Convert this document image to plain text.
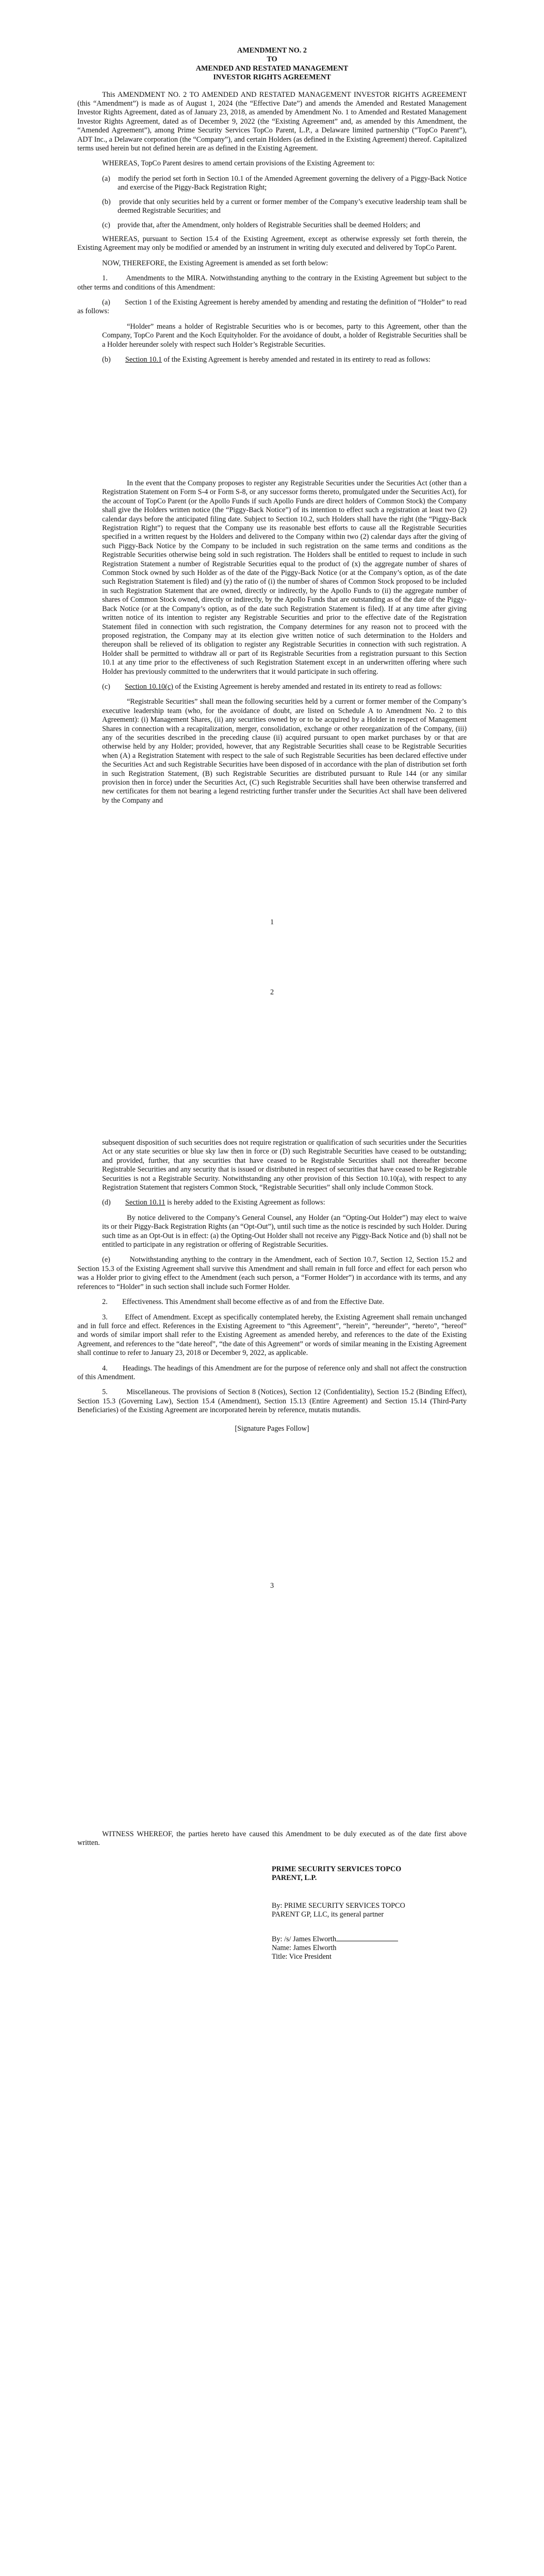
AMENDMENT NO. 2
TO
AMENDED AND RESTATED MANAGEMENT
INVESTOR RIGHTS AGREEMENT

This AMENDMENT NO. 2 TO AMENDED AND RESTATED MANAGEMENT INVESTOR RIGHTS AGREEMENT (this “Amendment”) is made as of August 1, 2024 (the “Effective Date”) and amends the Amended and Restated Management Investor Rights Agreement, dated as of January 23, 2018, as amended by Amendment No. 1 to Amended and Restated Management Investor Rights Agreement, dated as of December 9, 2022 (the “Existing Agreement” and, as amended by this Amendment, the “Amended Agreement”), among Prime Security Services TopCo Parent, L.P., a Delaware limited partnership (“TopCo Parent”), ADT Inc., a Delaware corporation (the “Company”), and certain Holders (as defined in the Existing Agreement) thereof. Capitalized terms used herein but not defined herein are as defined in the Existing Agreement.

WHEREAS, TopCo Parent desires to amend certain provisions of the Existing Agreement to:

(a)    modify the period set forth in Section 10.1 of the Amended Agreement governing the delivery of a Piggy-Back Notice and exercise of the Piggy-Back Registration Right;

(b)    provide that only securities held by a current or former member of the Company’s executive leadership team shall be deemed Registrable Securities; and

(c)    provide that, after the Amendment, only holders of Registrable Securities shall be deemed Holders; and

WHEREAS, pursuant to Section 15.4 of the Existing Agreement, except as otherwise expressly set forth therein, the Existing Agreement may only be modified or amended by an instrument in writing duly executed and delivered by TopCo Parent.

NOW, THEREFORE, the Existing Agreement is amended as set forth below:

1.        Amendments to the MIRA. Notwithstanding anything to the contrary in the Existing Agreement but subject to the other terms and conditions of this Amendment:

(a)        Section 1 of the Existing Agreement is hereby amended by amending and restating the definition of “Holder” to read as follows:

“Holder” means a holder of Registrable Securities who is or becomes, party to this Agreement, other than the Company, TopCo Parent and the Koch Equityholder. For the avoidance of doubt, a holder of Registrable Securities shall be a Holder hereunder solely with respect such Holder’s Registrable Securities.

(b)        Section 10.1 of the Existing Agreement is hereby amended and restated in its entirety to read as follows:

In the event that the Company proposes to register any Registrable Securities under the Securities Act (other than a Registration Statement on Form S-4 or Form S-8, or any successor forms thereto, promulgated under the Securities Act), for the account of TopCo Parent (or the Apollo Funds if such Apollo Funds are direct holders of Common Stock) the Company shall give the Holders written notice (the “Piggy-Back Notice”) of its intention to effect such a registration at least two (2) calendar days before the anticipated filing date. Subject to Section 10.2, such Holders shall have the right (the “Piggy-Back Registration Right”) to request that the Company use its reasonable best efforts to cause all the Registrable Securities specified in a written request by the Holders and delivered to the Company within two (2) calendar days after the giving of such Piggy-Back Notice by the Company to be included in such registration on the same terms and conditions as the Registrable Securities otherwise being sold in such registration. The Holders shall be entitled to request to include in such Registration Statement a number of Registrable Securities equal to the product of (x) the aggregate number of shares of Common Stock owned by such Holder as of the date of the Piggy-Back Notice (or at the Company’s option, as of the date such Registration Statement is filed) and (y) the ratio of (i) the number of shares of Common Stock proposed to be included in such Registration Statement that are owned, directly or indirectly, by the Apollo Funds to (ii) the aggregate number of shares of Common Stock owned, directly or indirectly, by the Apollo Funds that are outstanding as of the date of the Piggy-Back Notice (or at the Company’s option, as of the date such Registration Statement is filed). If at any time after giving written notice of its intention to register any Registrable Securities and prior to the effective date of the Registration Statement filed in connection with such registration, the Company determines for any reason not to proceed with the proposed registration, the Company may at its election give written notice of such determination to the Holders and thereupon shall be relieved of its obligation to register any Registrable Securities in connection with such registration. A Holder shall be permitted to withdraw all or part of its Registrable Securities from a registration pursuant to this Section 10.1 at any time prior to the effectiveness of such Registration Statement except in an underwritten offering where such Holder has previously committed to the underwriters that it would participate in such offering.

(c)        Section 10.10(c) of the Existing Agreement is hereby amended and restated in its entirety to read as follows:

“Registrable Securities” shall mean the following securities held by a current or former member of the Company’s executive leadership team (who, for the avoidance of doubt, are listed on Schedule A to Amendment No. 2 to this Agreement): (i) Management Shares, (ii) any securities owned by or to be acquired by a Holder in respect of Management Shares in connection with a recapitalization, merger, consolidation, exchange or other reorganization of the Company, (iii) any of the securities described in the preceding clause (ii) acquired pursuant to open market purchases by or that are otherwise held by any Holder; provided, however, that any Registrable Securities shall cease to be Registrable Securities when (A) a Registration Statement with respect to the sale of such Registrable Securities has been declared effective under the Securities Act and such Registrable Securities have been disposed of in accordance with the plan of distribution set forth in such Registration Statement, (B) such Registrable Securities are distributed pursuant to Rule 144 (or any similar provision then in force) under the Securities Act, (C) such Registrable Securities shall have been otherwise transferred and new certificates for them not bearing a legend restricting further transfer under the Securities Act shall have been delivered by the Company and

1

subsequent disposition of such securities does not require registration or qualification of such securities under the Securities Act or any state securities or blue sky law then in force or (D) such Registrable Securities have ceased to be outstanding; and provided, further, that any securities that have ceased to be Registrable Securities shall not thereafter become Registrable Securities and any security that is issued or distributed in respect of securities that have ceased to be Registrable Securities is not a Registrable Security. Notwithstanding any other provision of this Section 10.10(a), with respect to any Registration Statement that registers Common Stock, “Registrable Securities” shall only include Common Stock.

(d)        Section 10.11 is hereby added to the Existing Agreement as follows:

By notice delivered to the Company’s General Counsel, any Holder (an “Opting-Out Holder”) may elect to waive its or their Piggy-Back Registration Rights (an “Opt-Out”), until such time as the notice is rescinded by such Holder. During such time as an Opt-Out is in effect: (a) the Opting-Out Holder shall not receive any Piggy-Back Notice and (b) shall not be entitled to participate in any registration or offering of Registrable Securities.

(e)        Notwithstanding anything to the contrary in the Amendment, each of Section 10.7, Section 12, Section 15.2 and Section 15.3 of the Existing Agreement shall survive this Amendment and shall remain in full force and effect for each person who was a Holder prior to giving effect to the Amendment (each such person, a “Former Holder”) in accordance with its terms, and any references to “Holder” in such section shall include such Former Holder.

2.        Effectiveness. This Amendment shall become effective as of and from the Effective Date.

3.        Effect of Amendment. Except as specifically contemplated hereby, the Existing Agreement shall remain unchanged and in full force and effect. References in the Existing Agreement to “this Agreement”, “herein”, “hereunder”, “hereto”, “hereof” and words of similar import shall refer to the Existing Agreement as amended hereby, and references to the date of the Existing Agreement, and references to the “date hereof”, “the date of this Agreement” or words of similar meaning in the Existing Agreement shall continue to refer to January 23, 2018 or December 9, 2022, as applicable.

4.        Headings. The headings of this Amendment are for the purpose of reference only and shall not affect the construction of this Amendment.

5.        Miscellaneous. The provisions of Section 8 (Notices), Section 12 (Confidentiality), Section 15.2 (Binding Effect), Section 15.3 (Governing Law), Section 15.4 (Amendment), Section 15.13 (Entire Agreement) and Section 15.14 (Third-Party Beneficiaries) of the Existing Agreement are incorporated herein by reference, mutatis mutandis.

[Signature Pages Follow]
2
3

WITNESS WHEREOF, the parties hereto have caused this Amendment to be duly executed as of the date first above written.

PRIME SECURITY SERVICES TOPCO
PARENT, L.P.
By: PRIME SECURITY SERVICES TOPCO
PARENT GP, LLC, its general partner
By: /s/ James Elworth
Name: James Elworth
Title: Vice President
